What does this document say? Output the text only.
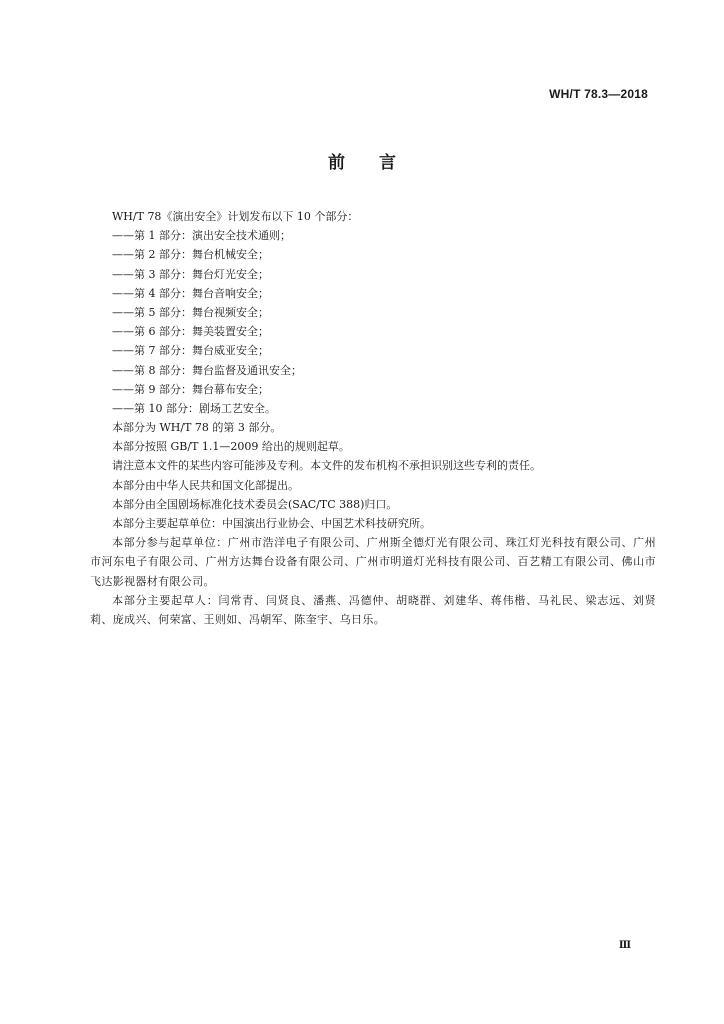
WH/T 78.3—2018
前 言
WH/T 78《演出安全》计划发布以下 10 个部分：
——第 1 部分：演出安全技术通则；
——第 2 部分：舞台机械安全；
——第 3 部分：舞台灯光安全；
——第 4 部分：舞台音响安全；
——第 5 部分：舞台视频安全；
——第 6 部分：舞美装置安全；
——第 7 部分：舞台威亚安全；
——第 8 部分：舞台监督及通讯安全；
——第 9 部分：舞台幕布安全；
——第 10 部分：剧场工艺安全。
本部分为 WH/T 78 的第 3 部分。
本部分按照 GB/T 1.1—2009 给出的规则起草。
请注意本文件的某些内容可能涉及专利。本文件的发布机构不承担识别这些专利的责任。
本部分由中华人民共和国文化部提出。
本部分由全国剧场标准化技术委员会(SAC/TC 388)归口。
本部分主要起草单位：中国演出行业协会、中国艺术科技研究所。
本部分参与起草单位：广州市浩洋电子有限公司、广州斯全德灯光有限公司、珠江灯光科技有限公司、广州市河东电子有限公司、广州方达舞台设备有限公司、广州市明道灯光科技有限公司、百艺精工有限公司、佛山市飞达影视器材有限公司。
本部分主要起草人：闫常青、闫贤良、潘燕、冯德仲、胡晓群、刘建华、蒋伟楷、马礼民、梁志远、刘贤莉、庞成兴、何荣富、王则如、冯朝军、陈奎宇、乌日乐。
Ⅲ
